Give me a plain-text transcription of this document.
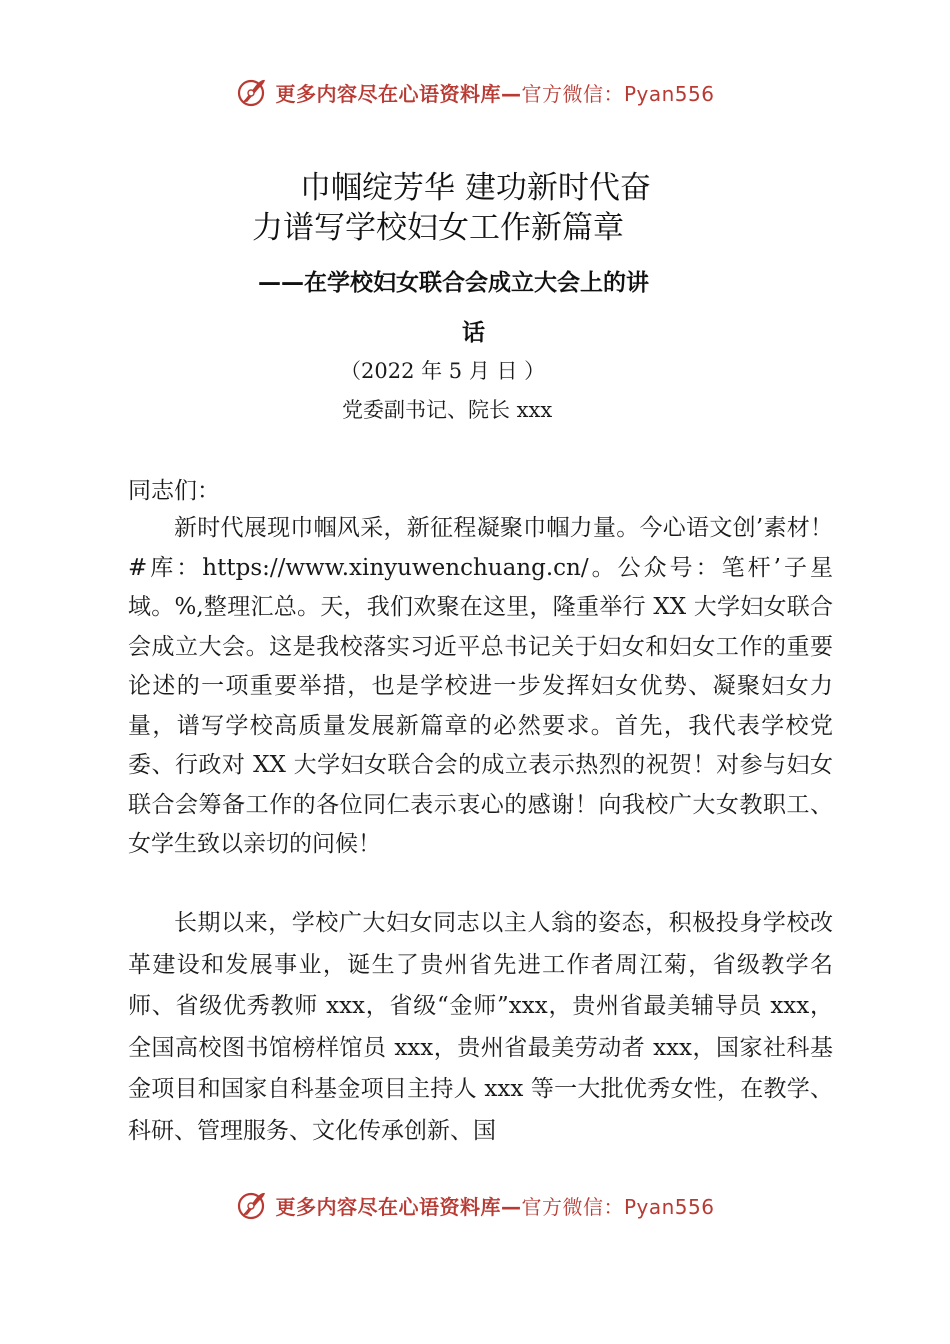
更多内容尽在心语资料库—官方微信：Pyan556
巾帼绽芳华 建功新时代奋
力谱写学校妇女工作新篇章
——在学校妇女联合会成立大会上的讲
话
（2022 年 5 月 日 ）
党委副书记、院长 xxx
同志们：

新时代展现巾帼风采，新征程凝聚巾帼力量。今心语文创’素材！#库：https://www.xinyuwenchuang.cn/。公众号：笔杆’子星域。%,整理汇总。天，我们欢聚在这里，隆重举行 XX 大学妇女联合会成立大会。这是我校落实习近平总书记关于妇女和妇女工作的重要论述的一项重要举措，也是学校进一步发挥妇女优势、凝聚妇女力量，谱写学校高质量发展新篇章的必然要求。首先，我代表学校党委、行政对 XX 大学妇女联合会的成立表示热烈的祝贺！对参与妇女联合会筹备工作的各位同仁表示衷心的感谢！向我校广大女教职工、女学生致以亲切的问候！

长期以来，学校广大妇女同志以主人翁的姿态，积极投身学校改革建设和发展事业，诞生了贵州省先进工作者周江菊，省级教学名师、省级优秀教师 xxx，省级“金师”xxx，贵州省最美辅导员 xxx，全国高校图书馆榜样馆员 xxx，贵州省最美劳动者 xxx，国家社科基金项目和国家自科基金项目主持人 xxx 等一大批优秀女性，在教学、科研、管理服务、文化传承创新、国

更多内容尽在心语资料库—官方微信：Pyan556
